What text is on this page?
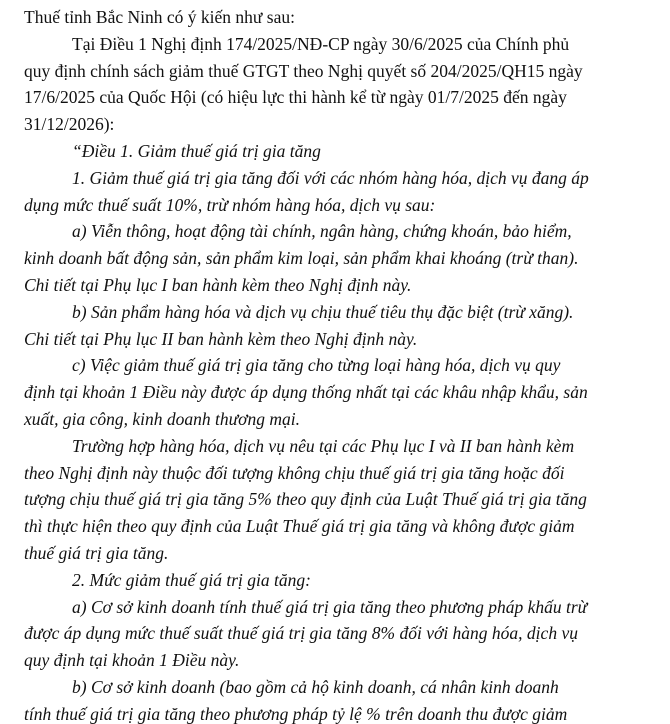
Thuế tỉnh Bắc Ninh có ý kiến như sau:
Tại Điều 1 Nghị định 174/2025/NĐ-CP ngày 30/6/2025 của Chính phủ
quy định chính sách giảm thuế GTGT theo Nghị quyết số 204/2025/QH15 ngày
17/6/2025 của Quốc Hội (có hiệu lực thi hành kể từ ngày 01/7/2025 đến ngày
31/12/2026):
“Điều 1. Giảm thuế giá trị gia tăng
1. Giảm thuế giá trị gia tăng đối với các nhóm hàng hóa, dịch vụ đang áp
dụng mức thuế suất 10%, trừ nhóm hàng hóa, dịch vụ sau:
a) Viễn thông, hoạt động tài chính, ngân hàng, chứng khoán, bảo hiểm,
kinh doanh bất động sản, sản phẩm kim loại, sản phẩm khai khoáng (trừ than).
Chi tiết tại Phụ lục I ban hành kèm theo Nghị định này.
b) Sản phẩm hàng hóa và dịch vụ chịu thuế tiêu thụ đặc biệt (trừ xăng).
Chi tiết tại Phụ lục II ban hành kèm theo Nghị định này.
c) Việc giảm thuế giá trị gia tăng cho từng loại hàng hóa, dịch vụ quy
định tại khoản 1 Điều này được áp dụng thống nhất tại các khâu nhập khẩu, sản
xuất, gia công, kinh doanh thương mại.
Trường hợp hàng hóa, dịch vụ nêu tại các Phụ lục I và II ban hành kèm
theo Nghị định này thuộc đối tượng không chịu thuế giá trị gia tăng hoặc đối
tượng chịu thuế giá trị gia tăng 5% theo quy định của Luật Thuế giá trị gia tăng
thì thực hiện theo quy định của Luật Thuế giá trị gia tăng và không được giảm
thuế giá trị gia tăng.
2. Mức giảm thuế giá trị gia tăng:
a) Cơ sở kinh doanh tính thuế giá trị gia tăng theo phương pháp khấu trừ
được áp dụng mức thuế suất thuế giá trị gia tăng 8% đối với hàng hóa, dịch vụ
quy định tại khoản 1 Điều này.
b) Cơ sở kinh doanh (bao gồm cả hộ kinh doanh, cá nhân kinh doanh
tính thuế giá trị gia tăng theo phương pháp tỷ lệ % trên doanh thu được giảm
